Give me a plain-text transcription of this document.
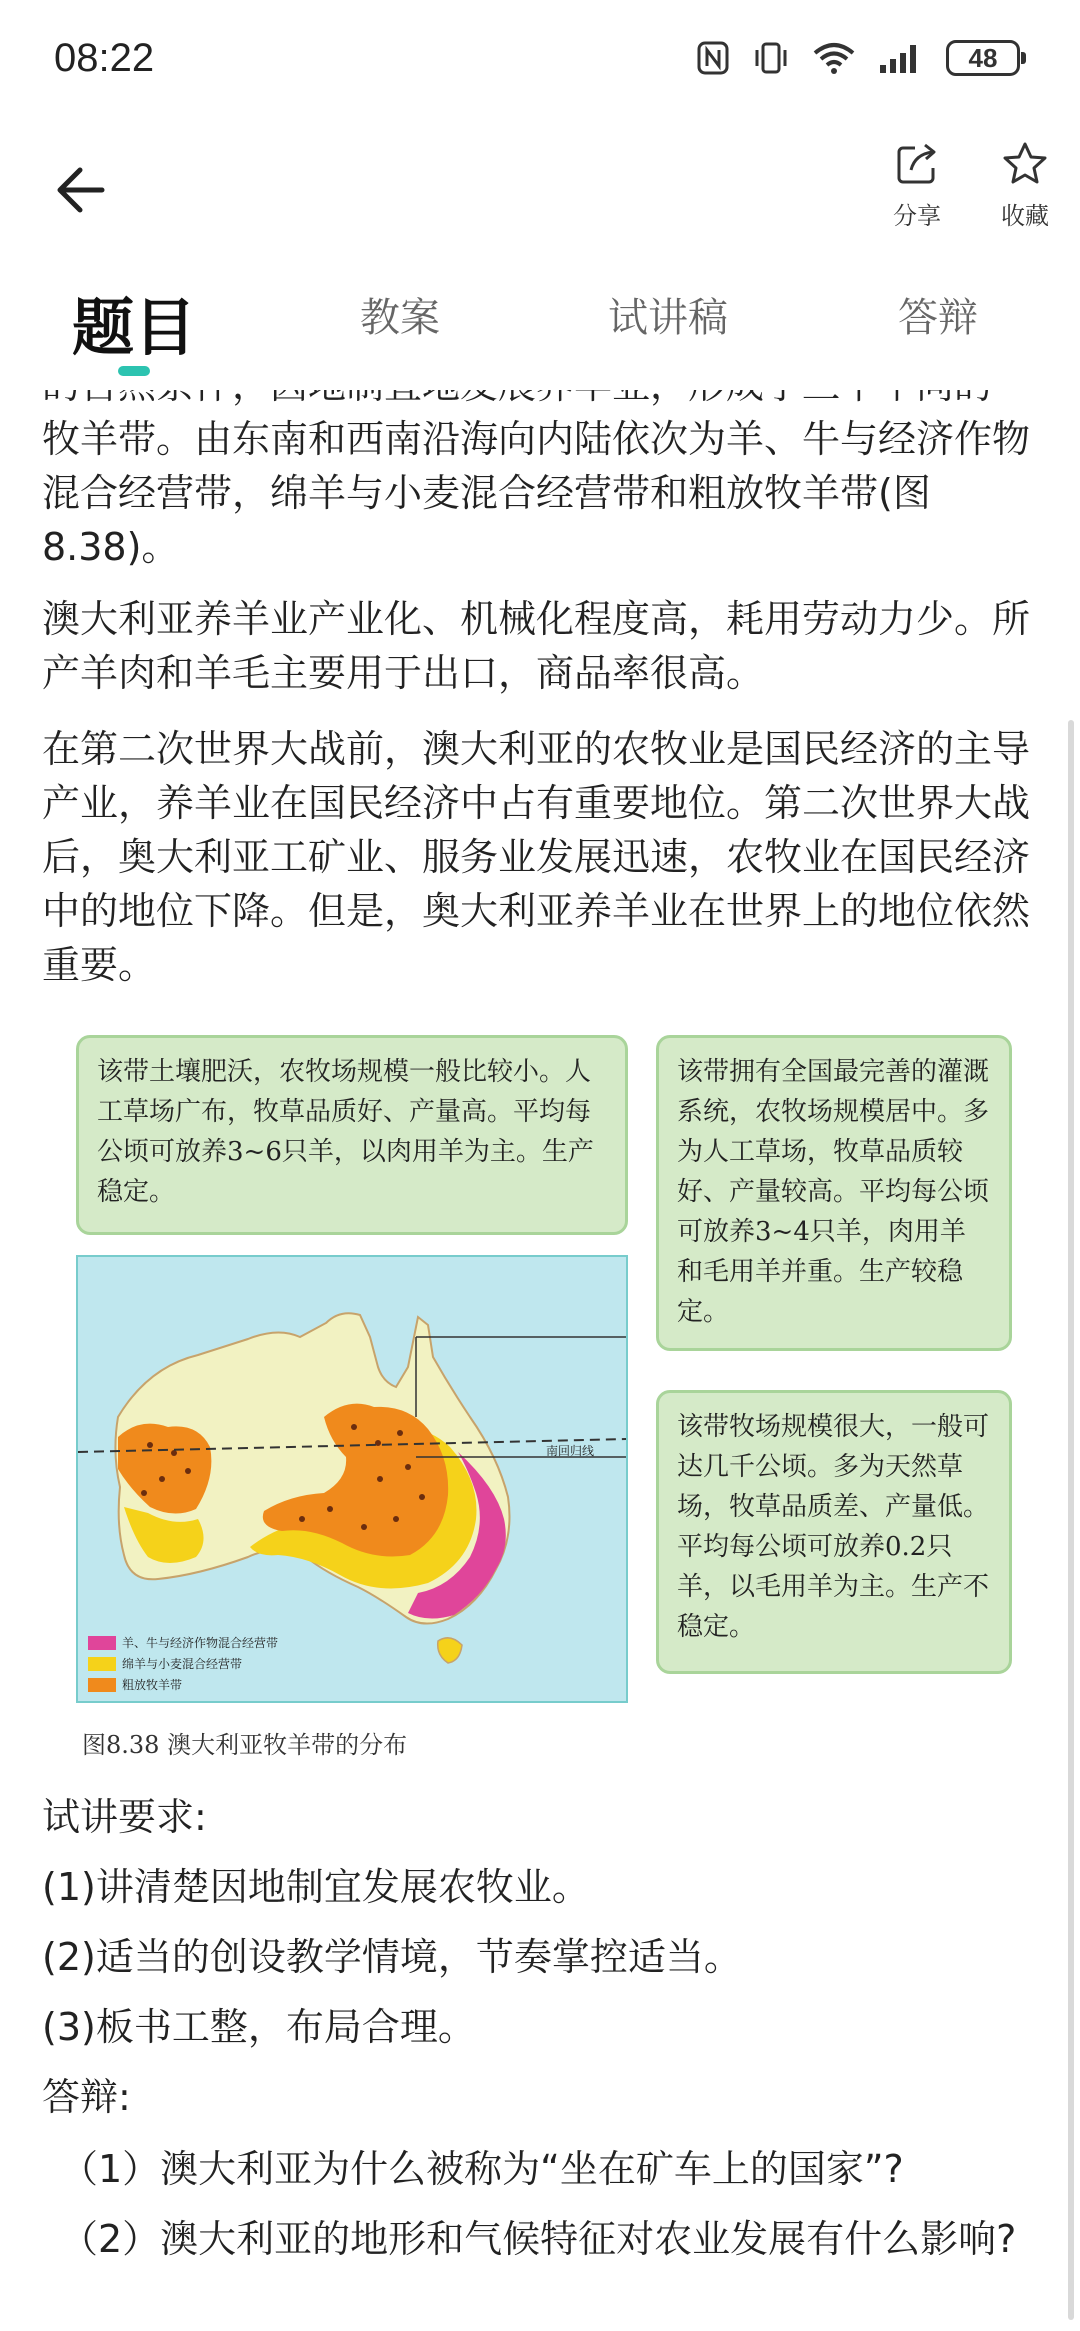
08:22	48
分享	收藏
题目	教案	试讲稿	答辩
牧羊带。由东南和西南沿海向内陆依次为羊、牛与经济作物混合经营带，绵羊与小麦混合经营带和粗放牧羊带(图8.38)。
澳大利亚养羊业产业化、机械化程度高，耗用劳动力少。所产羊肉和羊毛主要用于出口，商品率很高。
在第二次世界大战前，澳大利亚的农牧业是国民经济的主导产业，养羊业在国民经济中占有重要地位。第二次世界大战后，奥大利亚工矿业、服务业发展迅速，农牧业在国民经济中的地位下降。但是，奥大利亚养羊业在世界上的地位依然重要。
该带土壤肥沃，农牧场规模一般比较小。人工草场广布，牧草品质好、产量高。平均每公顷可放养3~6只羊，以肉用羊为主。生产稳定。
该带拥有全国最完善的灌溉系统，农牧场规模居中。多为人工草场，牧草品质较好、产量较高。平均每公顷可放养3~4只羊，肉用羊和毛用羊并重。生产较稳定。
该带牧场规模很大，一般可达几千公顷。多为天然草场，牧草品质差、产量低。平均每公顷可放养0.2只羊，以毛用羊为主。生产不稳定。
南回归线
羊、牛与经济作物混合经营带
绵羊与小麦混合经营带
粗放牧羊带
图8.38 澳大利亚牧羊带的分布
试讲要求:
(1)讲清楚因地制宜发展农牧业。
(2)适当的创设教学情境，节奏掌控适当。
(3)板书工整，布局合理。
答辩:
（1）澳大利亚为什么被称为“坐在矿车上的国家”?
（2）澳大利亚的地形和气候特征对农业发展有什么影响?
